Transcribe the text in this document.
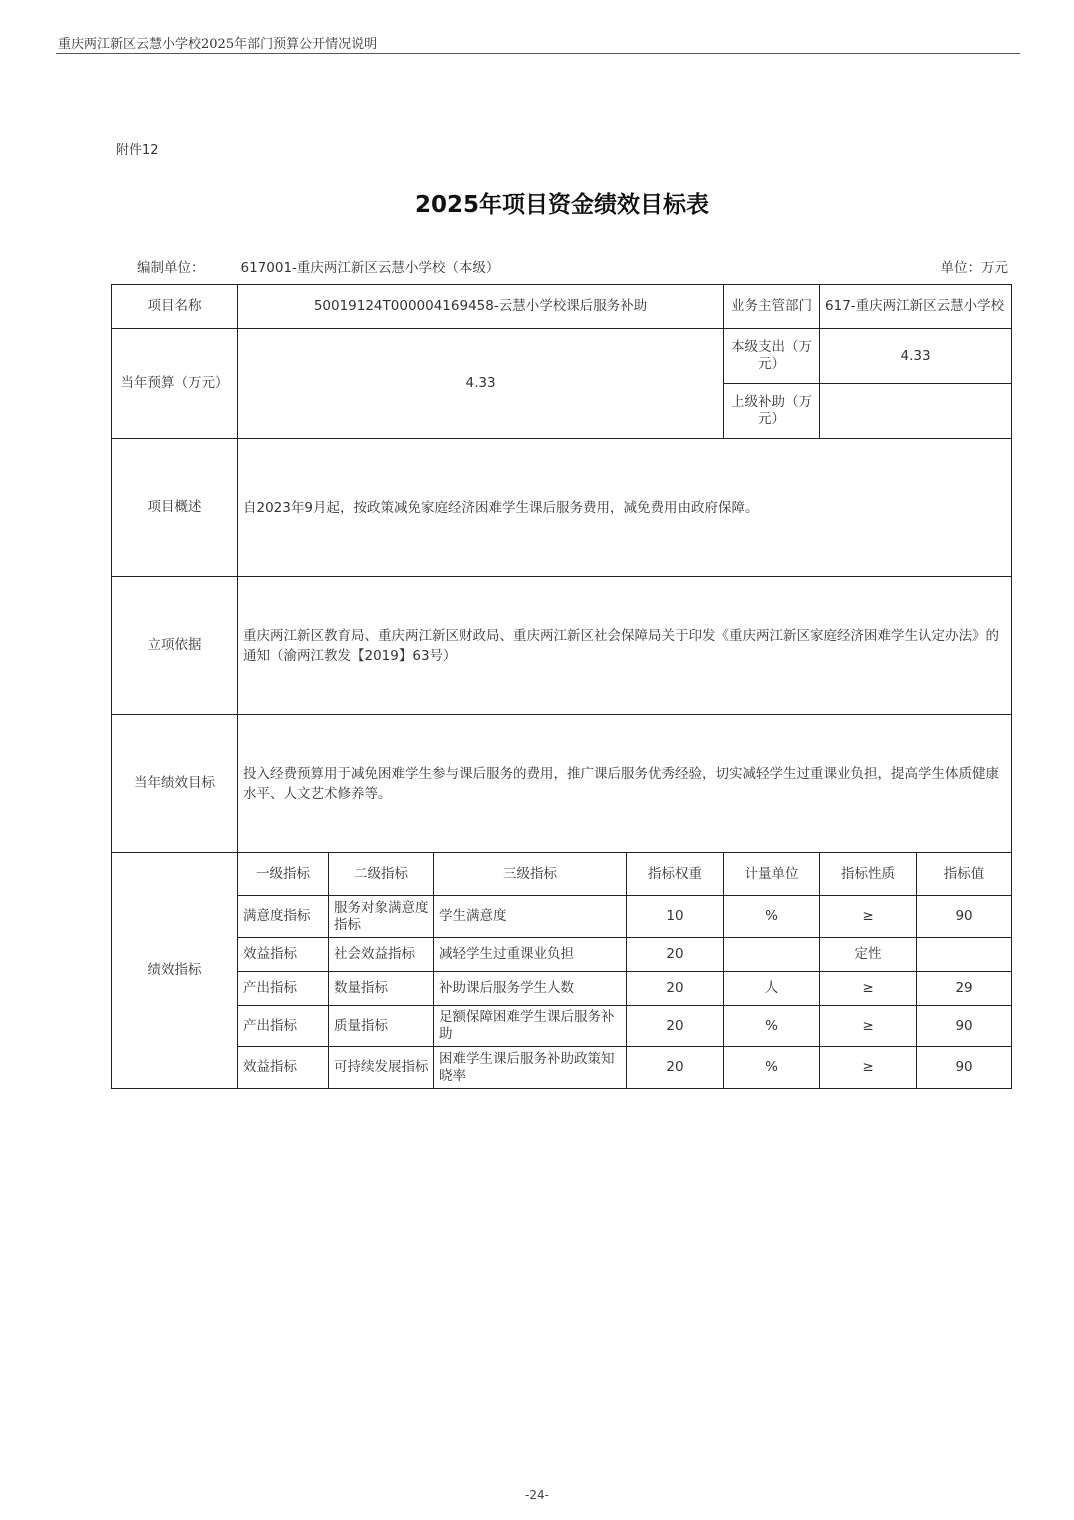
重庆两江新区云慧小学校2025年部门预算公开情况说明
附件12
2025年项目资金绩效目标表
编制单位：	617001-重庆两江新区云慧小学校（本级）	单位：万元
项目名称	50019124T000004169458-云慧小学校课后服务补助				业务主管部门	617-重庆两江新区云慧小学校	
当年预算（万元）	4.33				本级支出（万元）	4.33	
					上级补助（万元）		
项目概述	自2023年9月起，按政策减免家庭经济困难学生课后服务费用，减免费用由政府保障。						
立项依据	重庆两江新区教育局、重庆两江新区财政局、重庆两江新区社会保障局关于印发《重庆两江新区家庭经济困难学生认定办法》的通知（渝两江教发【2019】63号）						
当年绩效目标	投入经费预算用于减免困难学生参与课后服务的费用，推广课后服务优秀经验，切实减轻学生过重课业负担，提高学生体质健康水平、人文艺术修养等。						
绩效指标	一级指标	二级指标	三级指标	指标权重	计量单位	指标性质	指标值
	满意度指标	服务对象满意度指标	学生满意度	10	%	≥	90
	效益指标	社会效益指标	减轻学生过重课业负担	20		定性	
	产出指标	数量指标	补助课后服务学生人数	20	人	≥	29
	产出指标	质量指标	足额保障困难学生课后服务补助	20	%	≥	90
	效益指标	可持续发展指标	困难学生课后服务补助政策知晓率	20	%	≥	90
-24-
